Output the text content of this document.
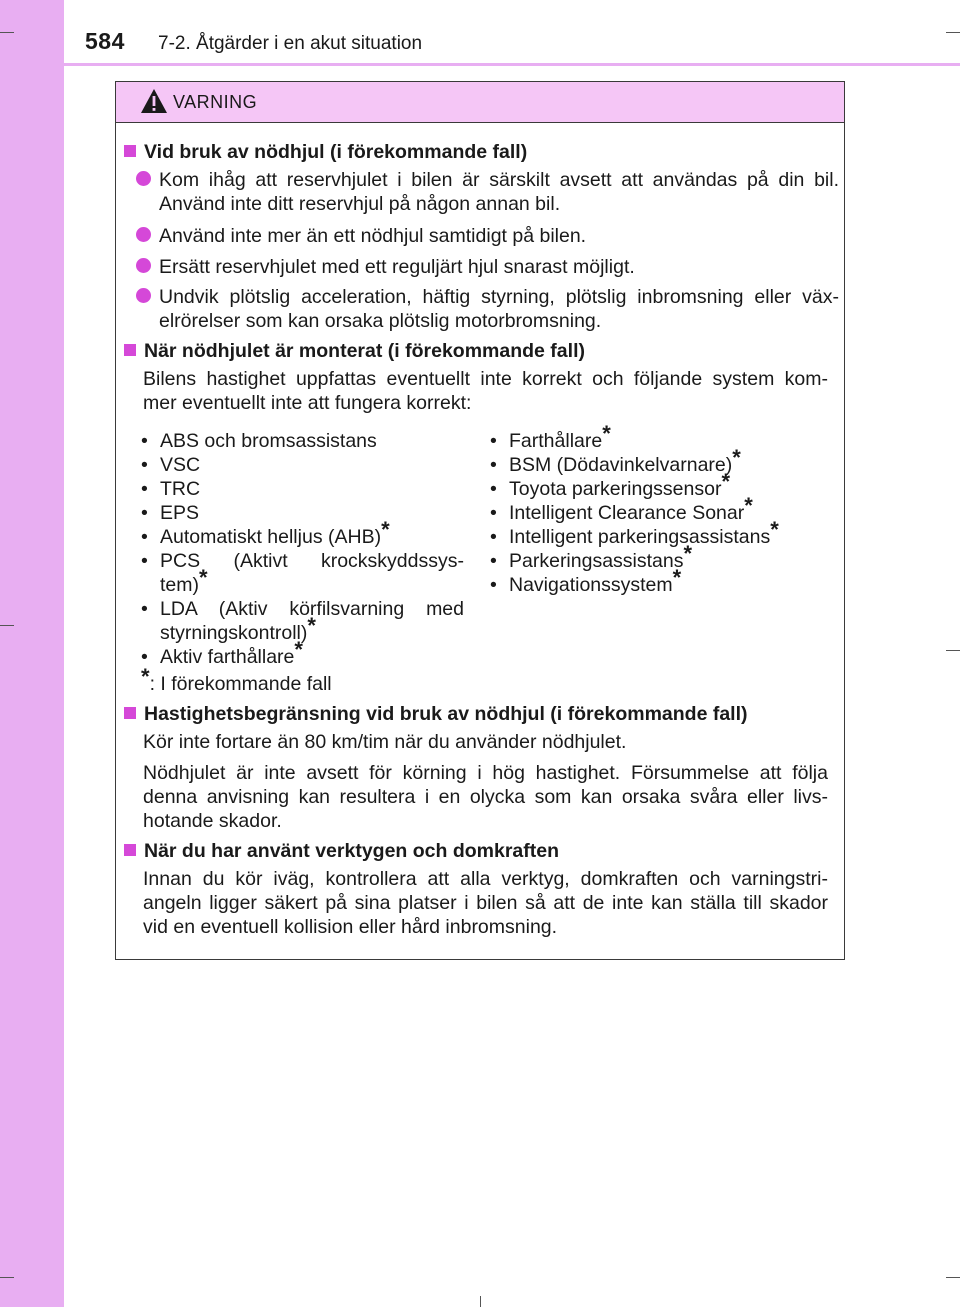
584 7-2. Åtgärder i en akut situation
VARNING
Vid bruk av nödhjul (i förekommande fall)
Kom ihåg att reservhjulet i bilen är särskilt avsett att användas på din bil.
Använd inte ditt reservhjul på någon annan bil.
Använd inte mer än ett nödhjul samtidigt på bilen.
Ersätt reservhjulet med ett reguljärt hjul snarast möjligt.
Undvik plötslig acceleration, häftig styrning, plötslig inbromsning eller väx-
elrörelser som kan orsaka plötslig motorbromsning.
När nödhjulet är monterat (i förekommande fall)
Bilens hastighet uppfattas eventuellt inte korrekt och följande system kom-
mer eventuellt inte att fungera korrekt:
• ABS och bromsassistans
• VSC
• TRC
• EPS
• Automatiskt helljus (AHB)*
• PCS (Aktivt krockskyddssys-
tem)*
• LDA (Aktiv körfilsvarning med
styrningskontroll)*
• Aktiv farthållare*
*: I förekommande fall
• Farthållare*
• BSM (Dödavinkelvarnare)*
• Toyota parkeringssensor*
• Intelligent Clearance Sonar*
• Intelligent parkeringsassistans*
• Parkeringsassistans*
• Navigationssystem*
Hastighetsbegränsning vid bruk av nödhjul (i förekommande fall)
Kör inte fortare än 80 km/tim när du använder nödhjulet.
Nödhjulet är inte avsett för körning i hög hastighet. Försummelse att följa
denna anvisning kan resultera i en olycka som kan orsaka svåra eller livs-
hotande skador.
När du har använt verktygen och domkraften
Innan du kör iväg, kontrollera att alla verktyg, domkraften och varningstri-
angeln ligger säkert på sina platser i bilen så att de inte kan ställa till skador
vid en eventuell kollision eller hård inbromsning.
